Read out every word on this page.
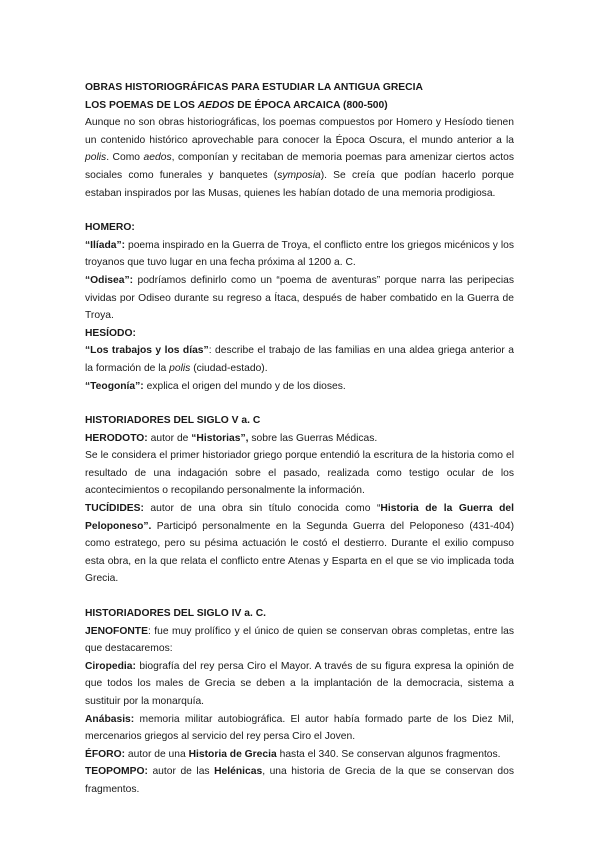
OBRAS HISTORIOGRÁFICAS PARA ESTUDIAR LA ANTIGUA GRECIA

LOS POEMAS DE LOS AEDOS DE ÉPOCA ARCAICA (800-500)

Aunque no son obras historiográficas, los poemas compuestos por Homero y Hesíodo tienen un contenido histórico aprovechable para conocer la Época Oscura, el mundo anterior a la polis. Como aedos, componían y recitaban de memoria poemas para amenizar ciertos actos sociales como funerales y banquetes (symposia). Se creía que podían hacerlo porque estaban inspirados por las Musas, quienes les habían dotado de una memoria prodigiosa.

HOMERO:

“Ilíada”: poema inspirado en la Guerra de Troya, el conflicto entre los griegos micénicos y los troyanos que tuvo lugar en una fecha próxima al 1200 a. C.

“Odisea”: podríamos definirlo como un “poema de aventuras” porque narra las peripecias vividas por Odiseo durante su regreso a Ítaca, después de haber combatido en la Guerra de Troya.

HESÍODO:

“Los trabajos y los días”: describe el trabajo de las familias en una aldea griega anterior a la formación de la polis (ciudad-estado).

“Teogonía”: explica el origen del mundo y de los dioses.

HISTORIADORES DEL SIGLO V a. C

HERODOTO: autor de “Historias”, sobre las Guerras Médicas.

Se le considera el primer historiador griego porque entendió la escritura de la historia como el resultado de una indagación sobre el pasado, realizada como testigo ocular de los acontecimientos o recopilando personalmente la información.

TUCÍDIDES: autor de una obra sin título conocida como “Historia de la Guerra del Peloponeso”. Participó personalmente en la Segunda Guerra del Peloponeso (431-404) como estratego, pero su pésima actuación le costó el destierro. Durante el exilio compuso esta obra, en la que relata el conflicto entre Atenas y Esparta en el que se vio implicada toda Grecia.

HISTORIADORES DEL SIGLO IV a. C.

JENOFONTE: fue muy prolífico y el único de quien se conservan obras completas, entre las que destacaremos:

Ciropedia: biografía del rey persa Ciro el Mayor. A través de su figura expresa la opinión de que todos los males de Grecia se deben a la implantación de la democracia, sistema a sustituir por la monarquía.

Anábasis: memoria militar autobiográfica. El autor había formado parte de los Diez Mil, mercenarios griegos al servicio del rey persa Ciro el Joven.

ÉFORO: autor de una Historia de Grecia hasta el 340. Se conservan algunos fragmentos.

TEOPOMPO: autor de las Helénicas, una historia de Grecia de la que se conservan dos fragmentos.
